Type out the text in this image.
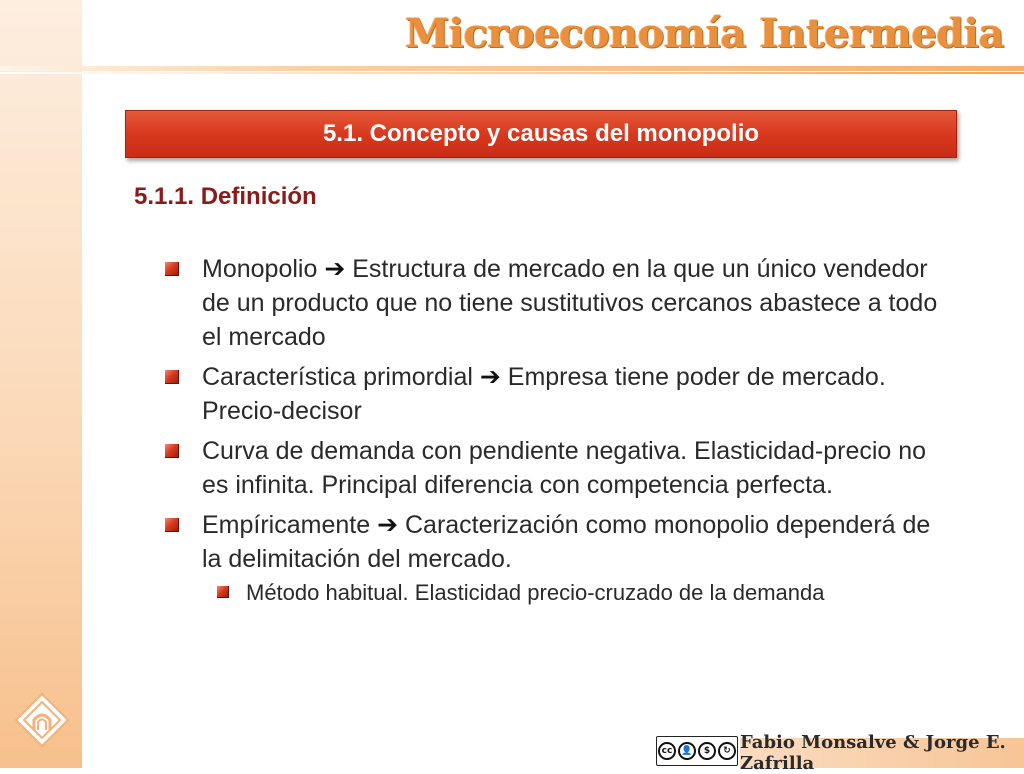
Microeconomía Intermedia
5.1. Concepto y causas del monopolio
5.1.1. Definición
Monopolio ➔ Estructura de mercado en la que un único vendedor de un producto que no tiene sustitutivos cercanos abastece a todo el mercado
Característica primordial ➔ Empresa tiene poder de mercado. Precio-decisor
Curva de demanda con pendiente negativa. Elasticidad-precio no es infinita. Principal diferencia con competencia perfecta.
Empíricamente ➔ Caracterización como monopolio dependerá de la delimitación del mercado.
Método habitual. Elasticidad precio-cruzado de la demanda
cc	👤	$	↻ Fabio Monsalve & Jorge E. Zafrilla
